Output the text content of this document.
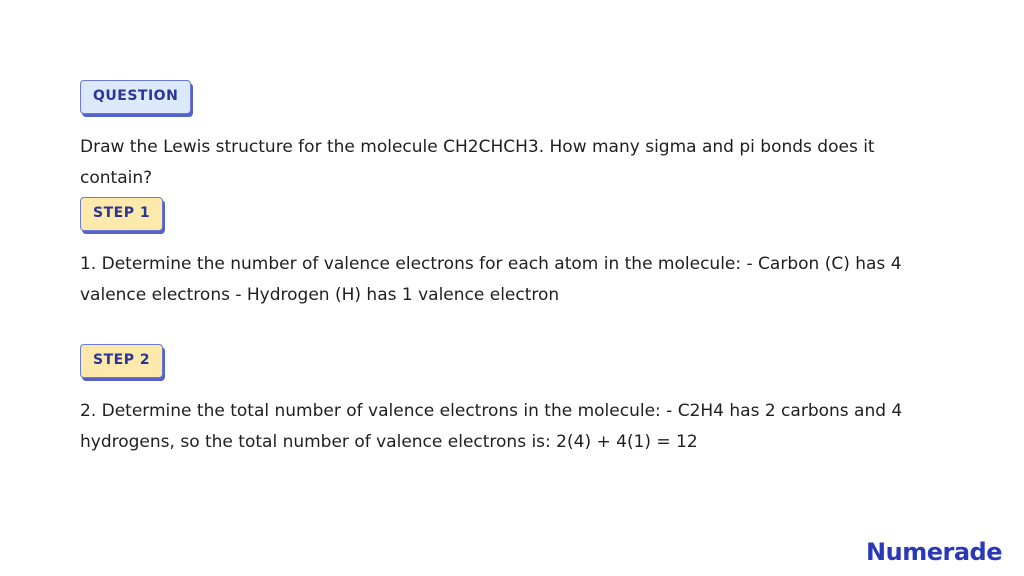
QUESTION
Draw the Lewis structure for the molecule CH2CHCH3. How many sigma and pi bonds does it contain?
STEP 1
1. Determine the number of valence electrons for each atom in the molecule: - Carbon (C) has 4 valence electrons - Hydrogen (H) has 1 valence electron
STEP 2
2. Determine the total number of valence electrons in the molecule: - C2H4 has 2 carbons and 4 hydrogens, so the total number of valence electrons is: 2(4) + 4(1) = 12
Numerade
